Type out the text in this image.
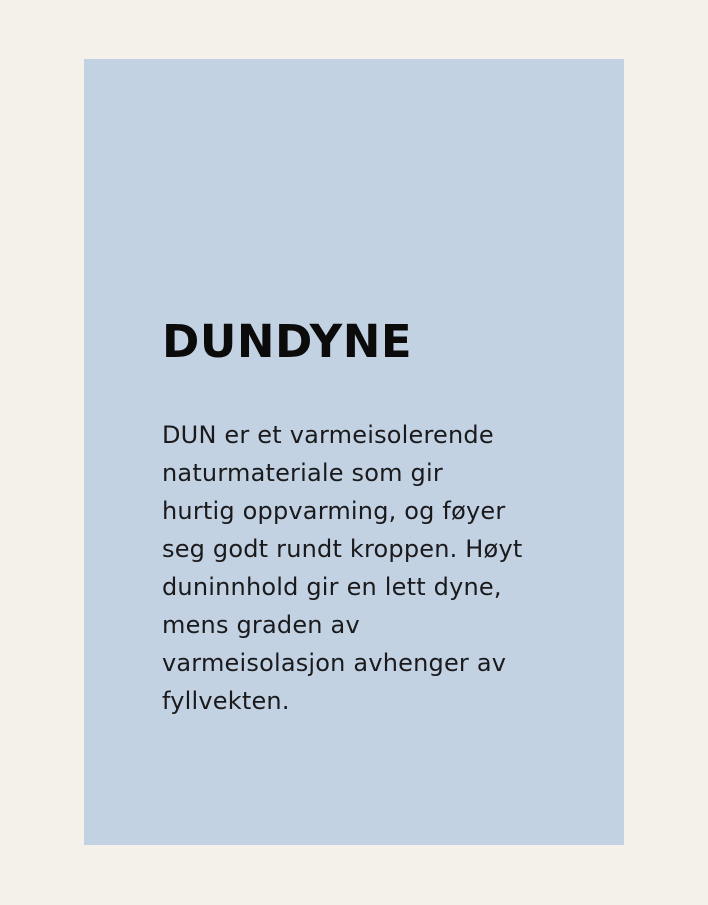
DUNDYNE

DUN er et varmeisolerende
naturmateriale som gir
hurtig oppvarming, og føyer
seg godt rundt kroppen. Høyt
duninnhold gir en lett dyne,
mens graden av
varmeisolasjon avhenger av
fyllvekten.
